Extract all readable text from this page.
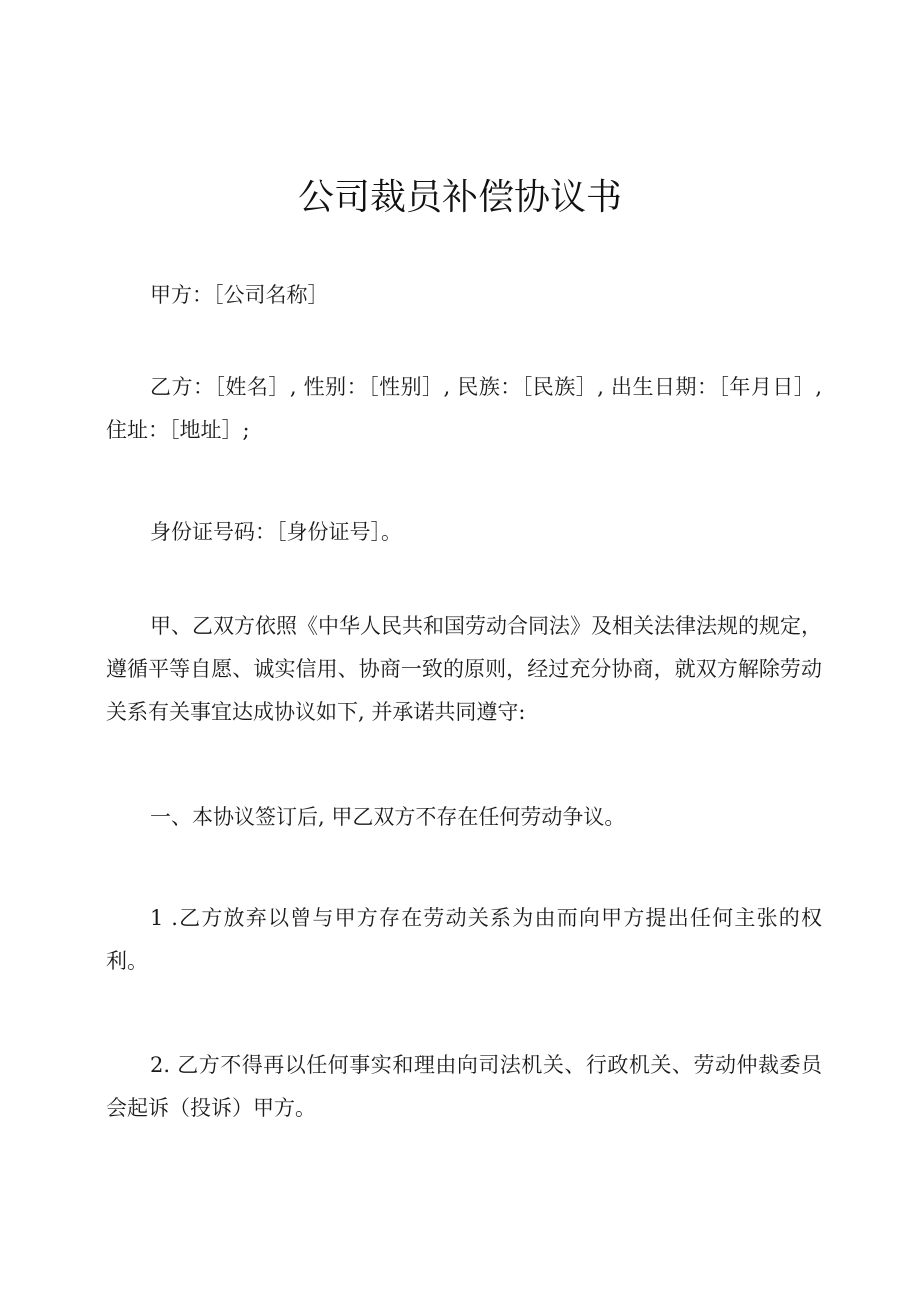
公司裁员补偿协议书

甲方：［公司名称］

乙方：［姓名］, 性别：［性别］, 民族：［民族］, 出生日期：［年月日］, 住址：［地址］;

身份证号码：［身份证号］。

甲、乙双方依照《中华人民共和国劳动合同法》及相关法律法规的规定，遵循平等自愿、诚实信用、协商一致的原则，经过充分协商，就双方解除劳动关系有关事宜达成协议如下, 并承诺共同遵守:

一、本协议签订后, 甲乙双方不存在任何劳动争议。

1 .乙方放弃以曾与甲方存在劳动关系为由而向甲方提出任何主张的权利。

2. 乙方不得再以任何事实和理由向司法机关、行政机关、劳动仲裁委员会起诉（投诉）甲方。
